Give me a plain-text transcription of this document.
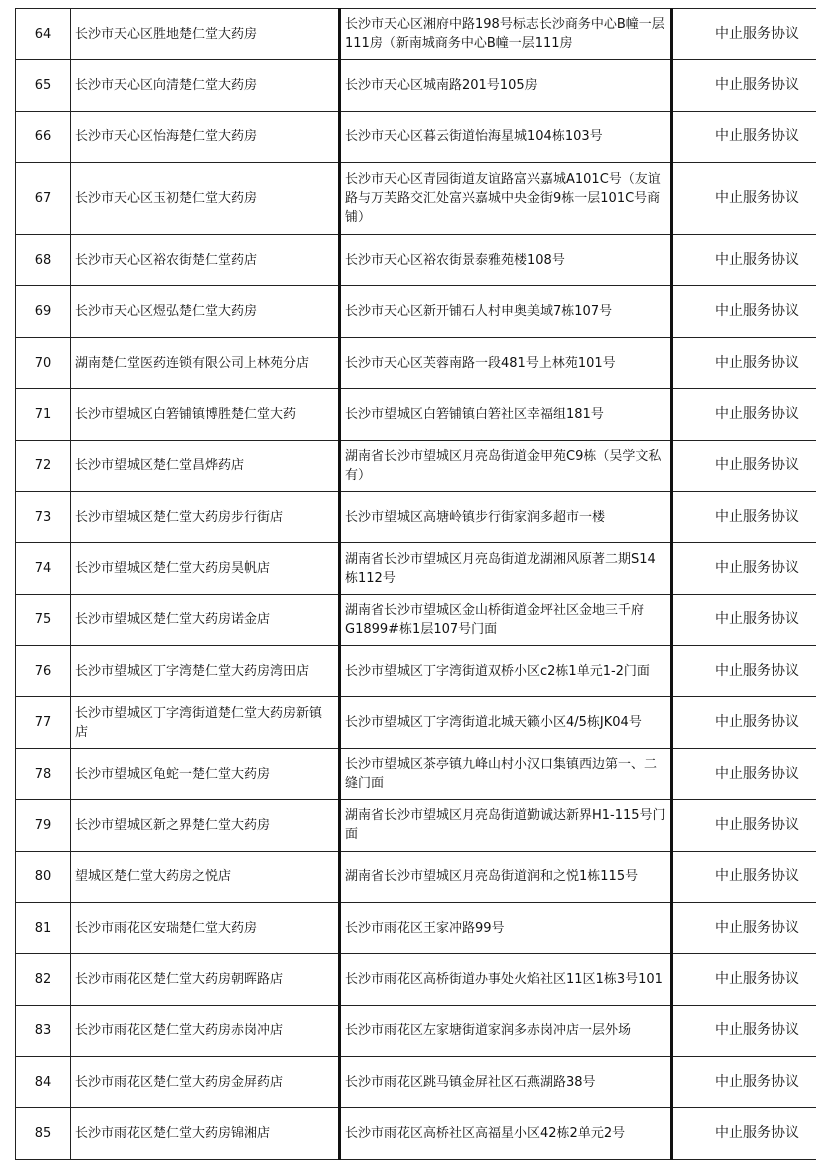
64	长沙市天心区胜地楚仁堂大药房	长沙市天心区湘府中路198号标志长沙商务中心B幢一层111房（新南城商务中心B幢一层111房	中止服务协议
65	长沙市天心区向清楚仁堂大药房	长沙市天心区城南路201号105房	中止服务协议
66	长沙市天心区怡海楚仁堂大药房	长沙市天心区暮云街道怡海星城104栋103号	中止服务协议
67	长沙市天心区玉初楚仁堂大药房	长沙市天心区青园街道友谊路富兴嘉城A101C号（友谊路与万芙路交汇处富兴嘉城中央金街9栋一层101C号商铺）	中止服务协议
68	长沙市天心区裕农街楚仁堂药店	长沙市天心区裕农街景泰雅苑楼108号	中止服务协议
69	长沙市天心区煜弘楚仁堂大药房	长沙市天心区新开铺石人村申奥美域7栋107号	中止服务协议
70	湖南楚仁堂医药连锁有限公司上林苑分店	长沙市天心区芙蓉南路一段481号上林苑101号	中止服务协议
71	长沙市望城区白箬铺镇博胜楚仁堂大药	长沙市望城区白箬铺镇白箬社区幸福组181号	中止服务协议
72	长沙市望城区楚仁堂昌烨药店	湖南省长沙市望城区月亮岛街道金甲苑C9栋（吴学文私有）	中止服务协议
73	长沙市望城区楚仁堂大药房步行街店	长沙市望城区高塘岭镇步行街家润多超市一楼	中止服务协议
74	长沙市望城区楚仁堂大药房昊帆店	湖南省长沙市望城区月亮岛街道龙湖湘风原著二期S14栋112号	中止服务协议
75	长沙市望城区楚仁堂大药房诺金店	湖南省长沙市望城区金山桥街道金坪社区金地三千府G1899#栋1层107号门面	中止服务协议
76	长沙市望城区丁字湾楚仁堂大药房湾田店	长沙市望城区丁字湾街道双桥小区c2栋1单元1-2门面	中止服务协议
77	长沙市望城区丁字湾街道楚仁堂大药房新镇店	长沙市望城区丁字湾街道北城天籁小区4/5栋JK04号	中止服务协议
78	长沙市望城区龟蛇一楚仁堂大药房	长沙市望城区茶亭镇九峰山村小汉口集镇西边第一、二缝门面	中止服务协议
79	长沙市望城区新之界楚仁堂大药房	湖南省长沙市望城区月亮岛街道勤诚达新界H1-115号门面	中止服务协议
80	望城区楚仁堂大药房之悦店	湖南省长沙市望城区月亮岛街道润和之悦1栋115号	中止服务协议
81	长沙市雨花区安瑞楚仁堂大药房	长沙市雨花区王家冲路99号	中止服务协议
82	长沙市雨花区楚仁堂大药房朝晖路店	长沙市雨花区高桥街道办事处火焰社区11区1栋3号101	中止服务协议
83	长沙市雨花区楚仁堂大药房赤岗冲店	长沙市雨花区左家塘街道家润多赤岗冲店一层外场	中止服务协议
84	长沙市雨花区楚仁堂大药房金屏药店	长沙市雨花区跳马镇金屏社区石燕湖路38号	中止服务协议
85	长沙市雨花区楚仁堂大药房锦湘店	长沙市雨花区高桥社区高福星小区42栋2单元2号	中止服务协议
